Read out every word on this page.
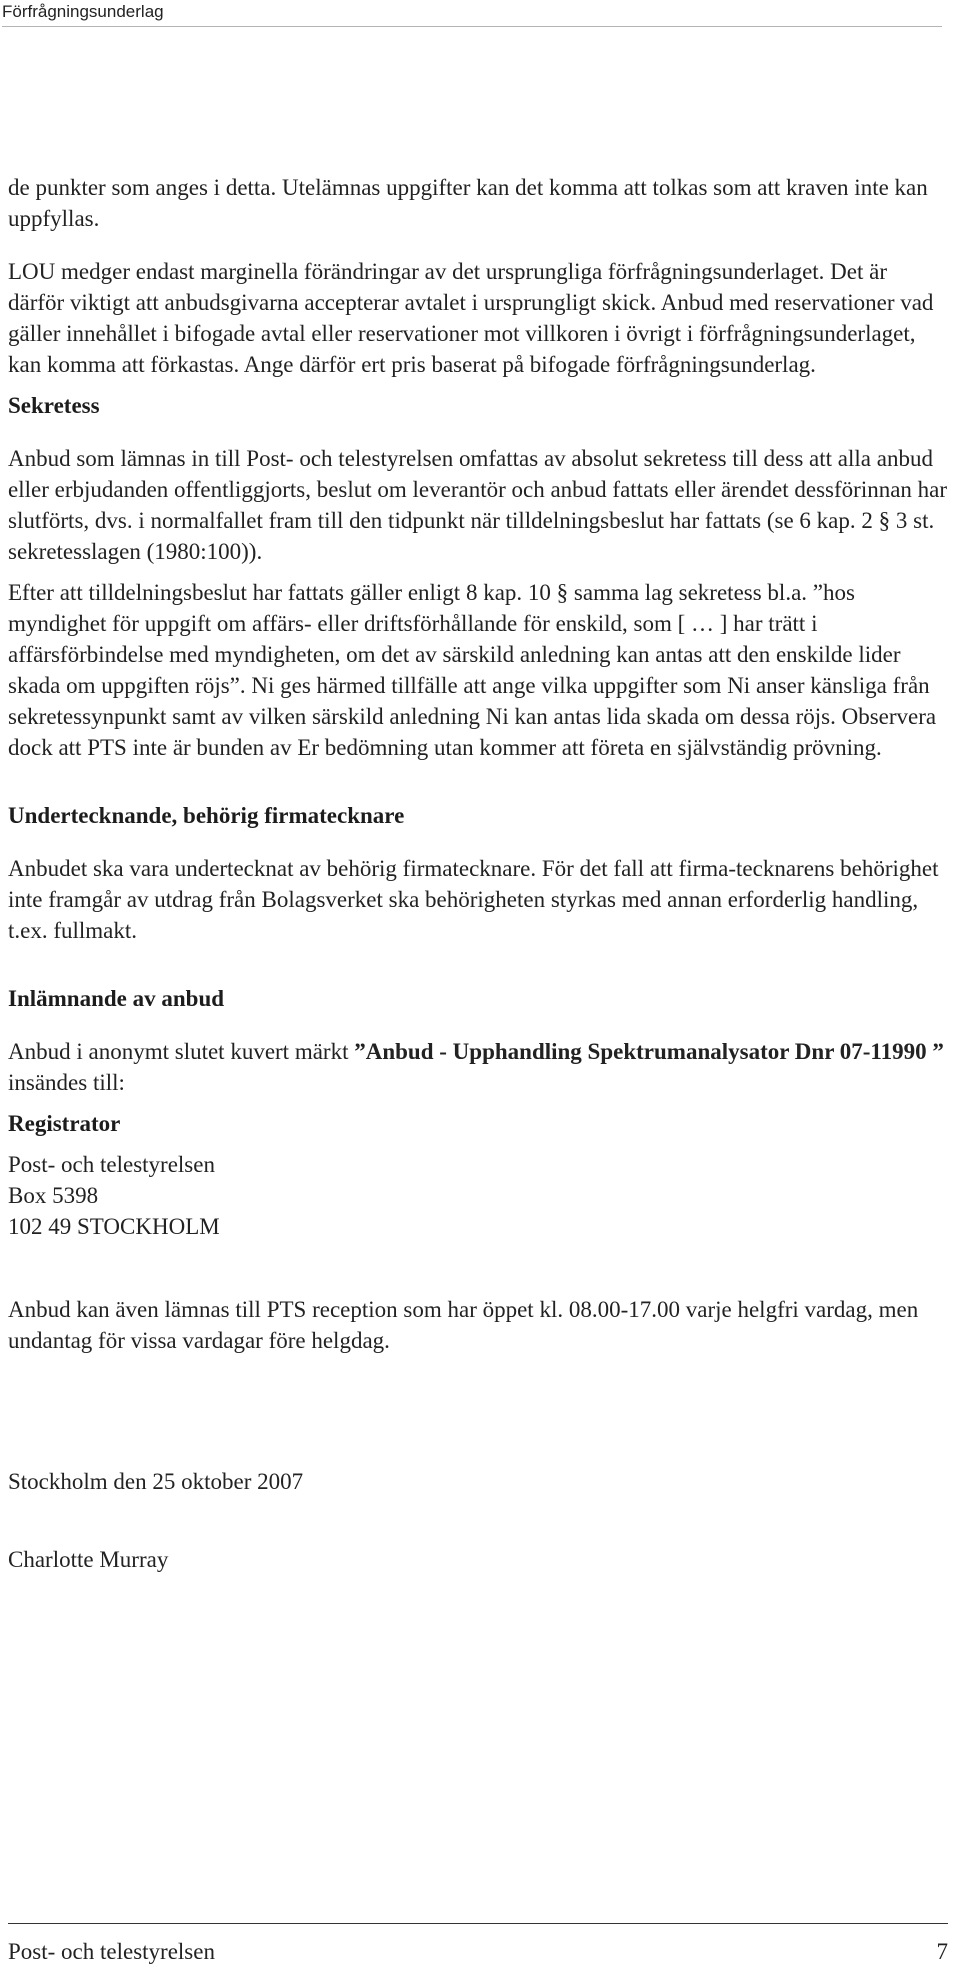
Förfrågningsunderlag

de punkter som anges i detta. Utelämnas uppgifter kan det komma att tolkas som att kraven inte kan uppfyllas.

LOU medger endast marginella förändringar av det ursprungliga förfrågningsunderlaget. Det är därför viktigt att anbudsgivarna accepterar avtalet i ursprungligt skick. Anbud med reservationer vad gäller innehållet i bifogade avtal eller reservationer mot villkoren i övrigt i förfrågningsunderlaget, kan komma att förkastas. Ange därför ert pris baserat på bifogade förfrågningsunderlag.

Sekretess

Anbud som lämnas in till Post- och telestyrelsen omfattas av absolut sekretess till dess att alla anbud eller erbjudanden offentliggjorts, beslut om leverantör och anbud fattats eller ärendet dessförinnan har slutförts, dvs. i normalfallet fram till den tidpunkt när tilldelningsbeslut har fattats (se 6 kap. 2 § 3 st. sekretesslagen (1980:100)).

Efter att tilldelningsbeslut har fattats gäller enligt 8 kap. 10 § samma lag sekretess bl.a. ”hos myndighet för uppgift om affärs- eller driftsförhållande för enskild, som [ … ] har trätt i affärsförbindelse med myndigheten, om det av särskild anledning kan antas att den enskilde lider skada om uppgiften röjs”. Ni ges härmed tillfälle att ange vilka uppgifter som Ni anser känsliga från sekretessynpunkt samt av vilken särskild anledning Ni kan antas lida skada om dessa röjs. Observera dock att PTS inte är bunden av Er bedömning utan kommer att företa en självständig prövning.

Undertecknande, behörig firmatecknare

Anbudet ska vara undertecknat av behörig firmatecknare. För det fall att firma-tecknarens behörighet inte framgår av utdrag från Bolagsverket ska behörigheten styrkas med annan erforderlig handling, t.ex. fullmakt.

Inlämnande av anbud

Anbud i anonymt slutet kuvert märkt ”Anbud - Upphandling Spektrumanalysator Dnr 07-11990 ” insändes till:

Registrator

Post- och telestyrelsen

Box 5398

102 49 STOCKHOLM

Anbud kan även lämnas till PTS reception som har öppet kl. 08.00-17.00 varje helgfri vardag, men undantag för vissa vardagar före helgdag.

Stockholm den 25 oktober 2007

Charlotte Murray

Post- och telestyrelsen	7
